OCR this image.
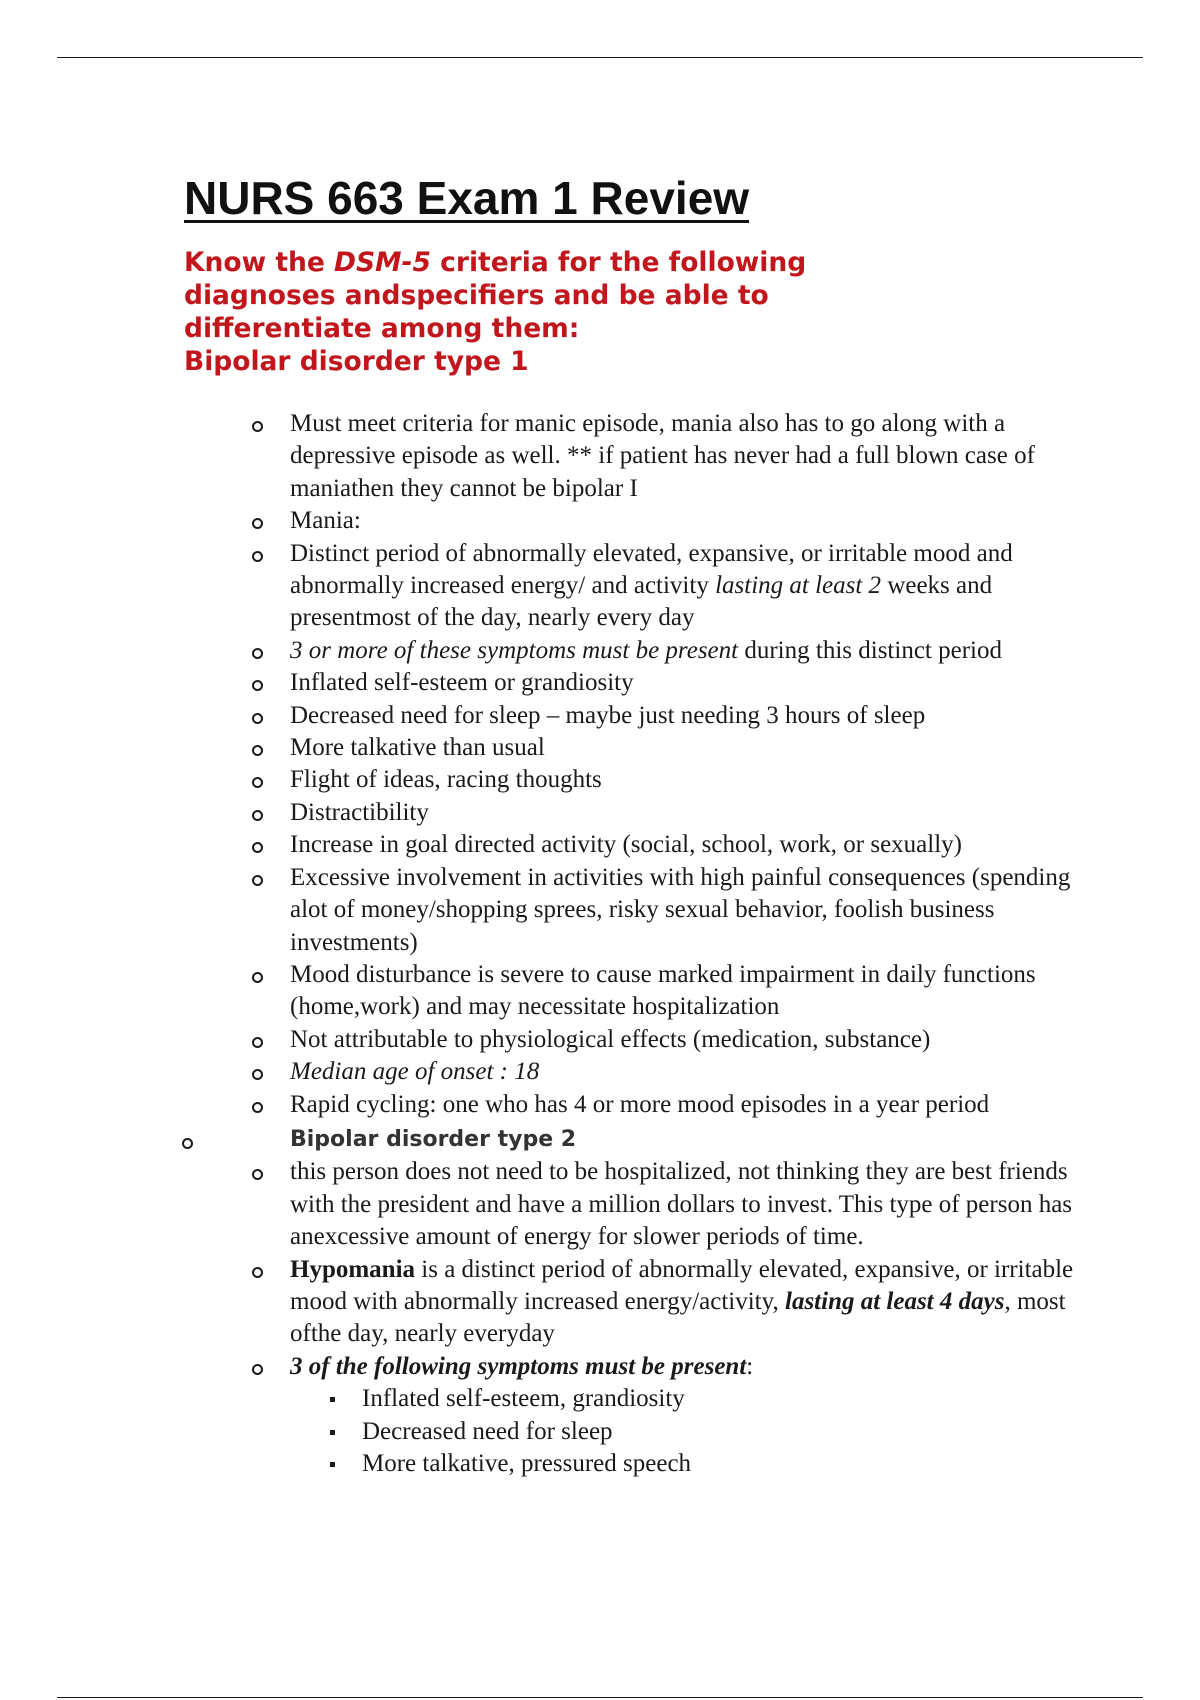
NURS 663 Exam 1 Review
Know the DSM-5 criteria for the following diagnoses andspecifiers and be able to differentiate among them:
Bipolar disorder type 1
Must meet criteria for manic episode, mania also has to go along with a depressive episode as well. ** if patient has never had a full blown case of maniathen they cannot be bipolar I
Mania:
Distinct period of abnormally elevated, expansive, or irritable mood and abnormally increased energy/ and activity lasting at least 2 weeks and presentmost of the day, nearly every day
3 or more of these symptoms must be present during this distinct period
Inflated self-esteem or grandiosity
Decreased need for sleep – maybe just needing 3 hours of sleep
More talkative than usual
Flight of ideas, racing thoughts
Distractibility
Increase in goal directed activity (social, school, work, or sexually)
Excessive involvement in activities with high painful consequences (spending alot of money/shopping sprees, risky sexual behavior, foolish business investments)
Mood disturbance is severe to cause marked impairment in daily functions (home,work) and may necessitate hospitalization
Not attributable to physiological effects (medication, substance)
Median age of onset : 18
Rapid cycling: one who has 4 or more mood episodes in a year period
Bipolar disorder type 2
this person does not need to be hospitalized, not thinking they are best friends with the president and have a million dollars to invest. This type of person has anexcessive amount of energy for slower periods of time.
Hypomania is a distinct period of abnormally elevated, expansive, or irritable mood with abnormally increased energy/activity, lasting at least 4 days, most ofthe day, nearly everyday
3 of the following symptoms must be present:
Inflated self-esteem, grandiosity
Decreased need for sleep
More talkative, pressured speech
